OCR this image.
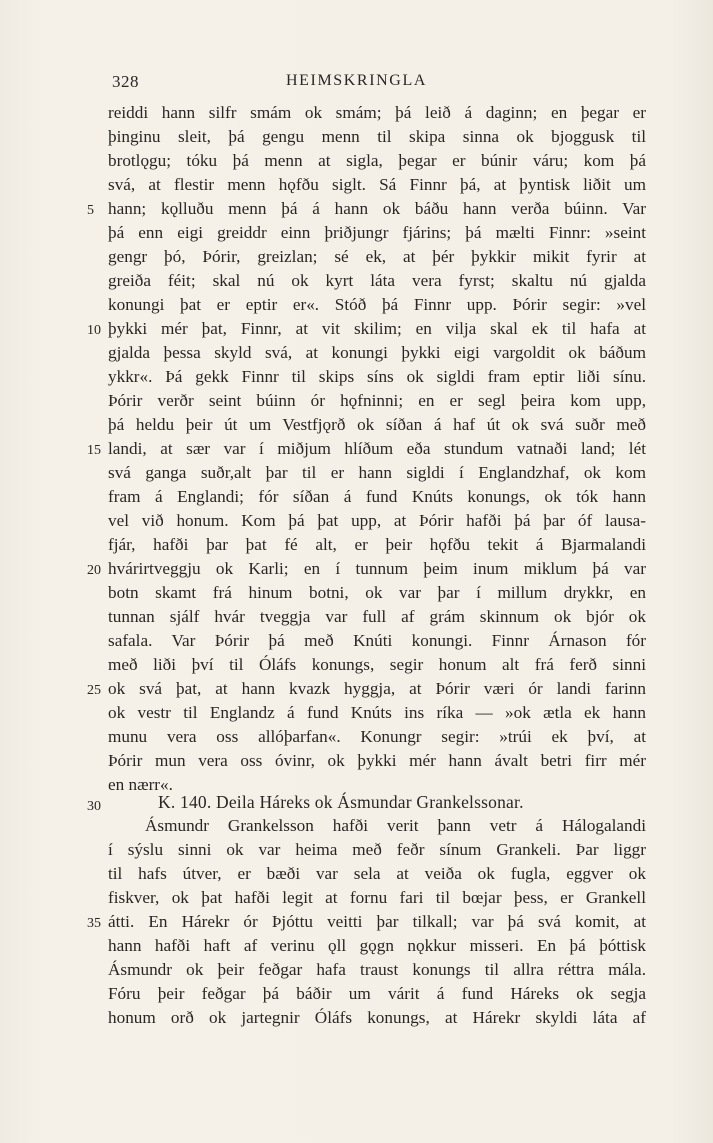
328	HEIMSKRINGLA
reiddi hann silfr smám ok smám; þá leið á daginn; en þegar er
þinginu sleit, þá gengu menn til skipa sinna ok bjoggusk til
brotlǫgu; tóku þá menn at sigla, þegar er búnir váru; kom þá
svá, at flestir menn hǫfðu siglt. Sá Finnr þá, at þyntisk liðit um
hann; kǫlluðu menn þá á hann ok báðu hann verða búinn. Var
þá enn eigi greiddr einn þriðjungr fjárins; þá mælti Finnr: »seint
gengr þó, Þórir, greizlan; sé ek, at þér þykkir mikit fyrir at
greiða féit; skal nú ok kyrt láta vera fyrst; skaltu nú gjalda
konungi þat er eptir er«. Stóð þá Finnr upp. Þórir segir: »vel
þykki mér þat, Finnr, at vit skilim; en vilja skal ek til hafa at
gjalda þessa skyld svá, at konungi þykki eigi vargoldit ok báðum
ykkr«. Þá gekk Finnr til skips síns ok sigldi fram eptir liði sínu.
Þórir verðr seint búinn ór hǫfninni; en er segl þeira kom upp,
þá heldu þeir út um Vestfjǫrð ok síðan á haf út ok svá suðr með
landi, at sær var í miðjum hlíðum eða stundum vatnaði land; lét
svá ganga suðr,alt þar til er hann sigldi í Englandzhaf, ok kom
fram á Englandi; fór síðan á fund Knúts konungs, ok tók hann
vel við honum. Kom þá þat upp, at Þórir hafði þá þar óf lausa-
fjár, hafði þar þat fé alt, er þeir hǫfðu tekit á Bjarmalandi
hvárirtveggju ok Karli; en í tunnum þeim inum miklum þá var
botn skamt frá hinum botni, ok var þar í millum drykkr, en
tunnan sjálf hvár tveggja var full af grám skinnum ok bjór ok
safala. Var Þórir þá með Knúti konungi. Finnr Árnason fór
með liði því til Óláfs konungs, segir honum alt frá ferð sinni
ok svá þat, at hann kvazk hyggja, at Þórir væri ór landi farinn
ok vestr til Englandz á fund Knúts ins ríka — »ok ætla ek hann
munu vera oss allóþarfan«. Konungr segir: »trúi ek því, at
Þórir mun vera oss óvinr, ok þykki mér hann ávalt betri firr mér
en nærr«.
K. 140. Deila Háreks ok Ásmundar Grankelssonar.
Ásmundr Grankelsson hafði verit þann vetr á Hálogalandi
í sýslu sinni ok var heima með feðr sínum Grankeli. Þar liggr
til hafs útver, er bæði var sela at veiða ok fugla, eggver ok
fiskver, ok þat hafði legit at fornu fari til bœjar þess, er Grankell
átti. En Hárekr ór Þjóttu veitti þar tilkall; var þá svá komit, at
hann hafði haft af verinu ǫll gǫgn nǫkkur misseri. En þá þóttisk
Ásmundr ok þeir feðgar hafa traust konungs til allra réttra mála.
Fóru þeir feðgar þá báðir um várit á fund Háreks ok segja
honum orð ok jartegnir Óláfs konungs, at Hárekr skyldi láta af
5
10
15
20
25
30
35
